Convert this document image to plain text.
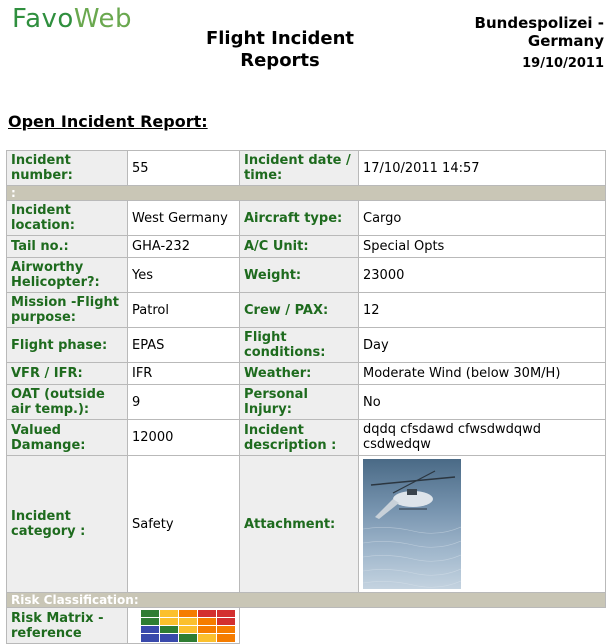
FavoWeb
Flight Incident Reports
Bundespolizei - Germany
19/10/2011
Open Incident Report:
Incident number:	55	Incident date / time:	17/10/2011 14:57
:			
Incident location:	West Germany	Aircraft type:	Cargo
Tail no.:	GHA-232	A/C Unit:	Special Opts
Airworthy Helicopter?:	Yes	Weight:	23000
Mission -Flight purpose:	Patrol	Crew / PAX:	12
Flight phase:	EPAS	Flight conditions:	Day
VFR / IFR:	IFR	Weather:	Moderate Wind (below 30M/H)
OAT (outside air temp.):	9	Personal Injury:	No
Valued Damange:	12000	Incident description :	dqdq cfsdawd cfwsdwdqwd csdwedqw
Incident category :	Safety	Attachment:	

Risk Classification:			
Risk Matrix - reference	
